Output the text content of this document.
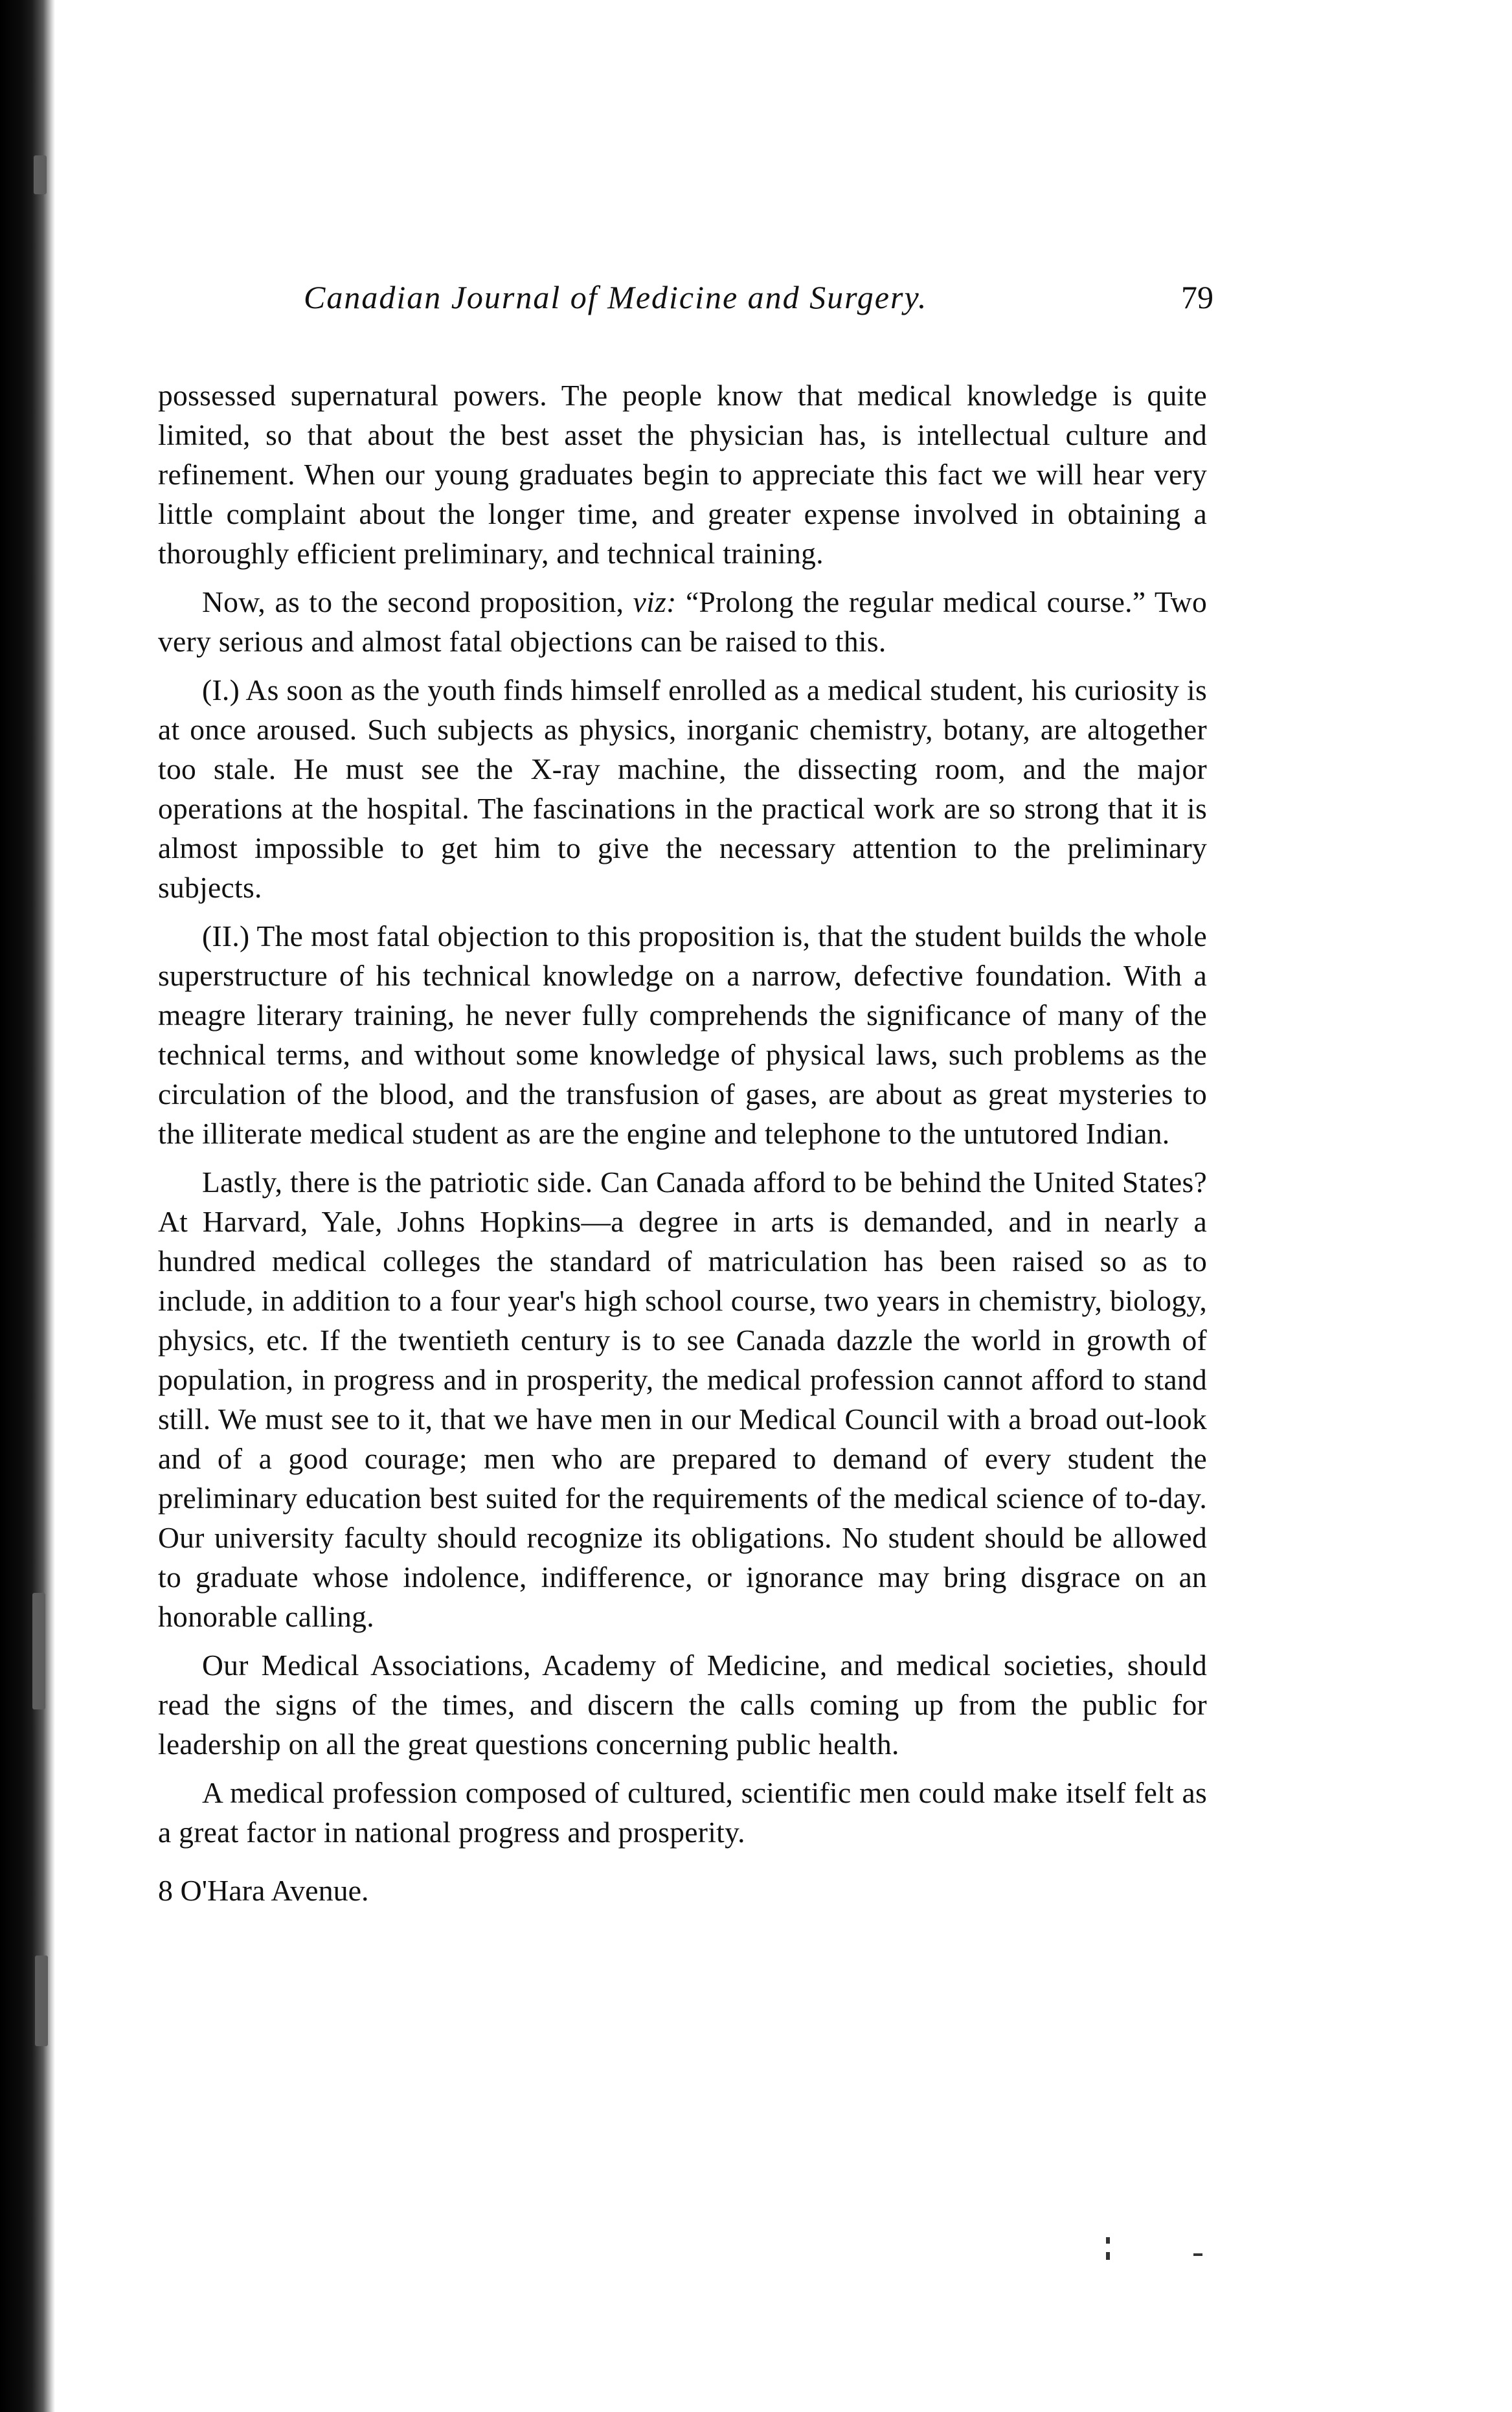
Canadian Journal of Medicine and Surgery.	79

possessed supernatural powers. The people know that medical knowledge is quite limited, so that about the best asset the physician has, is intellectual culture and refinement. When our young graduates begin to appreciate this fact we will hear very little complaint about the longer time, and greater expense involved in obtaining a thoroughly efficient preliminary, and technical training.

Now, as to the second proposition, viz: “Prolong the regular medical course.” Two very serious and almost fatal objections can be raised to this.

(I.) As soon as the youth finds himself enrolled as a medical student, his curiosity is at once aroused. Such subjects as physics, inorganic chemistry, botany, are altogether too stale. He must see the X-ray machine, the dissecting room, and the major operations at the hospital. The fascinations in the practical work are so strong that it is almost impossible to get him to give the necessary attention to the preliminary subjects.

(II.) The most fatal objection to this proposition is, that the student builds the whole superstructure of his technical knowledge on a narrow, defective foundation. With a meagre literary training, he never fully comprehends the significance of many of the technical terms, and without some knowledge of physical laws, such problems as the circulation of the blood, and the transfusion of gases, are about as great mysteries to the illiterate medical student as are the engine and telephone to the untutored Indian.

Lastly, there is the patriotic side. Can Canada afford to be behind the United States? At Harvard, Yale, Johns Hopkins—a degree in arts is demanded, and in nearly a hundred medical colleges the standard of matriculation has been raised so as to include, in addition to a four year's high school course, two years in chemistry, biology, physics, etc. If the twentieth century is to see Canada dazzle the world in growth of population, in progress and in prosperity, the medical profession cannot afford to stand still. We must see to it, that we have men in our Medical Council with a broad out-look and of a good courage; men who are prepared to demand of every student the preliminary education best suited for the requirements of the medical science of to-day. Our university faculty should recognize its obligations. No student should be allowed to graduate whose indolence, indifference, or ignorance may bring disgrace on an honorable calling.

Our Medical Associations, Academy of Medicine, and medical societies, should read the signs of the times, and discern the calls coming up from the public for leadership on all the great questions concerning public health.

A medical profession composed of cultured, scientific men could make itself felt as a great factor in national progress and prosperity.

8 O'Hara Avenue.
